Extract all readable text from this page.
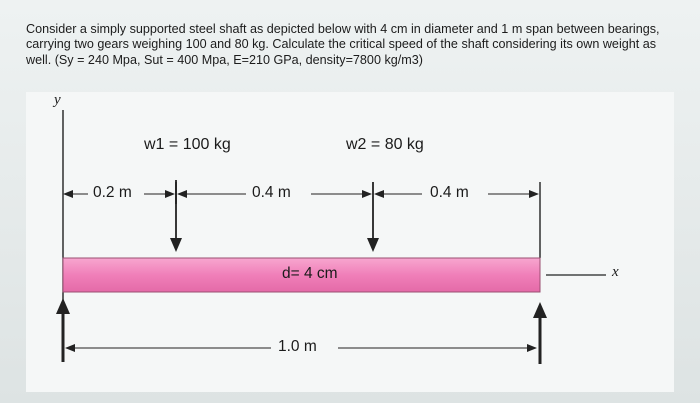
Consider a simply supported steel shaft as depicted below with 4 cm in diameter and 1 m span between bearings, carrying two gears weighing 100 and 80 kg. Calculate the critical speed of the shaft considering its own weight as well. (Sy = 240 Mpa, Sut = 400 Mpa, E=210 GPa, density=7800 kg/m3)

y
x
w1 = 100 kg	w2 = 80 kg
0.2 m	0.4 m	0.4 m
d= 4 cm
1.0 m
